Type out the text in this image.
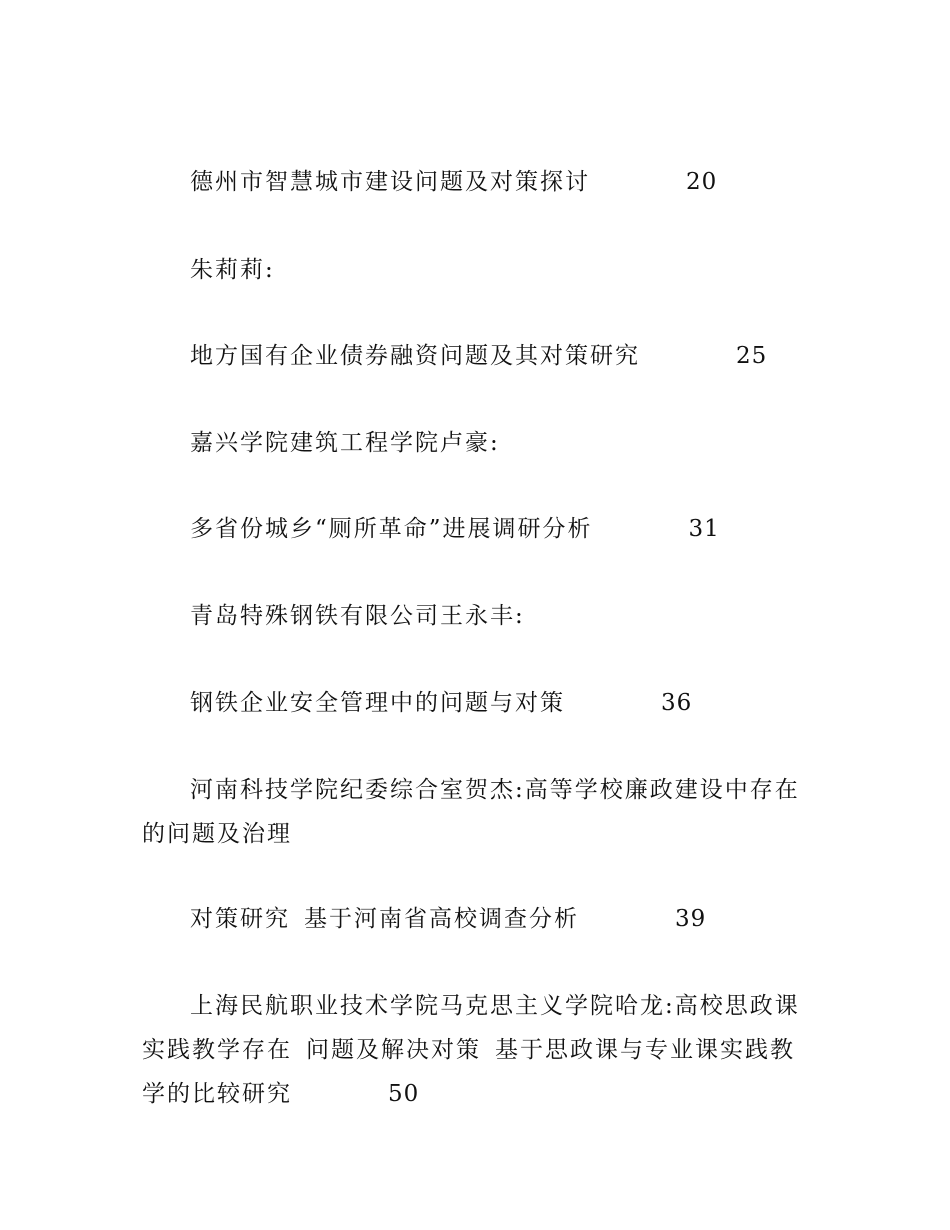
德州市智慧城市建设问题及对策探讨	20

朱莉莉:

地方国有企业债券融资问题及其对策研究	25

嘉兴学院建筑工程学院卢豪:

多省份城乡“厕所革命”进展调研分析	31

青岛特殊钢铁有限公司王永丰:

钢铁企业安全管理中的问题与对策	36

河南科技学院纪委综合室贺杰:高等学校廉政建设中存在的问题及治理

对策研究 基于河南省高校调查分析	39

上海民航职业技术学院马克思主义学院哈龙:高校思政课实践教学存在 问题及解决对策 基于思政课与专业课实践教学的比较研究	50
